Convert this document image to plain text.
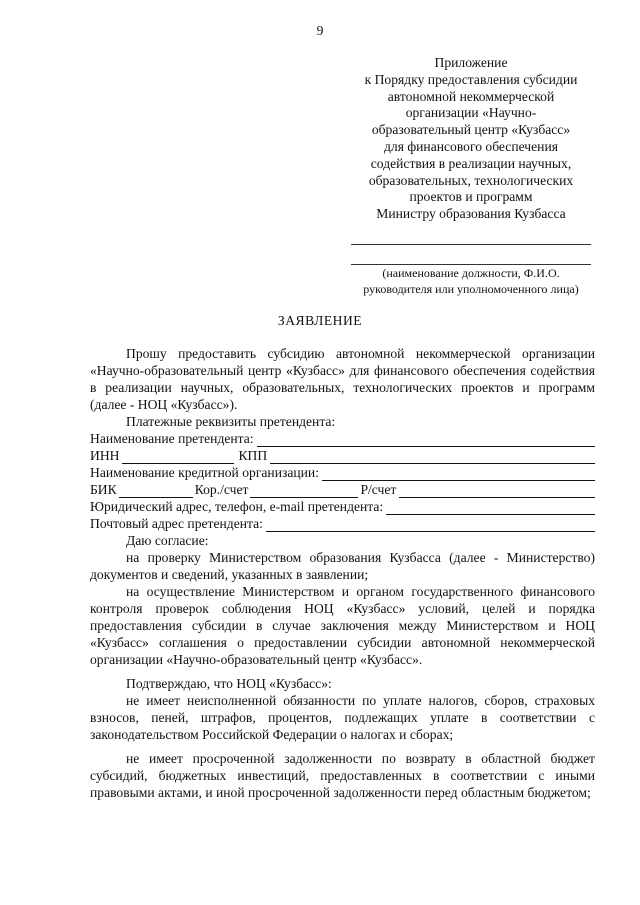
9
Приложение
к Порядку предоставления субсидии
автономной некоммерческой
организации «Научно-
образовательный центр «Кузбасс»
для финансового обеспечения
содействия в реализации научных,
образовательных, технологических
проектов и программ
Министру образования Кузбасса
(наименование должности, Ф.И.О.
руководителя или уполномоченного лица)
ЗАЯВЛЕНИЕ

Прошу предоставить субсидию автономной некоммерческой организации «Научно-образовательный центр «Кузбасс» для финансового обеспечения содействия в реализации научных, образовательных, технологических проектов и программ (далее - НОЦ «Кузбасс»).

Платежные реквизиты претендента:

Наименование претендента:
ИНН	КПП
Наименование кредитной организации:
БИК	Кор./счет	Р/счет
Юридический адрес, телефон, e-mail претендента:
Почтовый адрес претендента:

Даю согласие:

на проверку Министерством образования Кузбасса (далее - Министерство) документов и сведений, указанных в заявлении;

на осуществление Министерством и органом государственного финансового контроля проверок соблюдения НОЦ «Кузбасс» условий, целей и порядка предоставления субсидии в случае заключения между Министерством и НОЦ «Кузбасс» соглашения о предоставлении субсидии автономной некоммерческой организации «Научно-образовательный центр «Кузбасс».

Подтверждаю, что НОЦ «Кузбасс»:

не имеет неисполненной обязанности по уплате налогов, сборов, страховых взносов, пеней, штрафов, процентов, подлежащих уплате в соответствии с законодательством Российской Федерации о налогах и сборах;

не имеет просроченной задолженности по возврату в областной бюджет субсидий, бюджетных инвестиций, предоставленных в соответствии с иными правовыми актами, и иной просроченной задолженности перед областным бюджетом;
